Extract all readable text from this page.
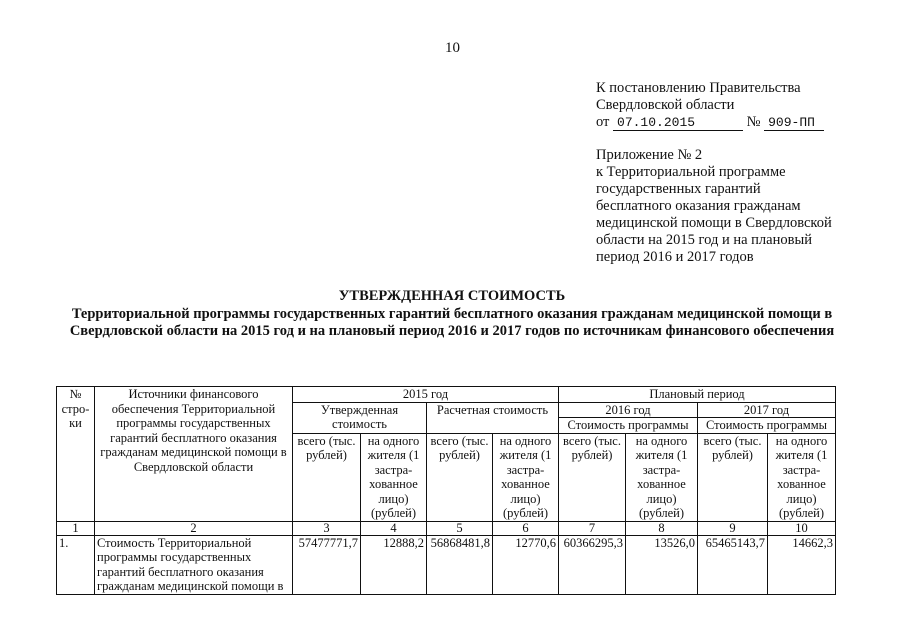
10
К постановлению Правительства
Свердловской области
от 07.10.2015	№ 909-ПП
Приложение № 2
к Территориальной программе
государственных гарантий
бесплатного оказания гражданам
медицинской помощи в Свердловской
области на 2015 год и на плановый
период 2016 и 2017 годов
УТВЕРЖДЕННАЯ СТОИМОСТЬ
Территориальной программы государственных гарантий бесплатного оказания гражданам медицинской помощи в Свердловской области на 2015 год и на плановый период 2016 и 2017 годов по источникам финансового обеспечения
№ стро- ки	Источники финансового обеспечения Территориальной программы государственных гарантий бесплатного оказания гражданам медицинской помощи в Свердловской области	2015 год				Плановый период			
		Утвержденная стоимость		Расчетная стоимость		2016 год		2017 год	
						Стоимость программы		Стоимость программы	
		всего (тыс. рублей)	на одного жителя (1 застра- хованное лицо) (рублей)	всего (тыс. рублей)	на одного жителя (1 застра- хованное лицо) (рублей)	всего (тыс. рублей)	на одного жителя (1 застра- хованное лицо) (рублей)	всего (тыс. рублей)	на одного жителя (1 застра- хованное лицо) (рублей)
1	2	3	4	5	6	7	8	9	10
1.	Стоимость Территориальной программы государственных гарантий бесплатного оказания гражданам медицинской помощи в	57477771,7	12888,2	56868481,8	12770,6	60366295,3	13526,0	65465143,7	14662,3
